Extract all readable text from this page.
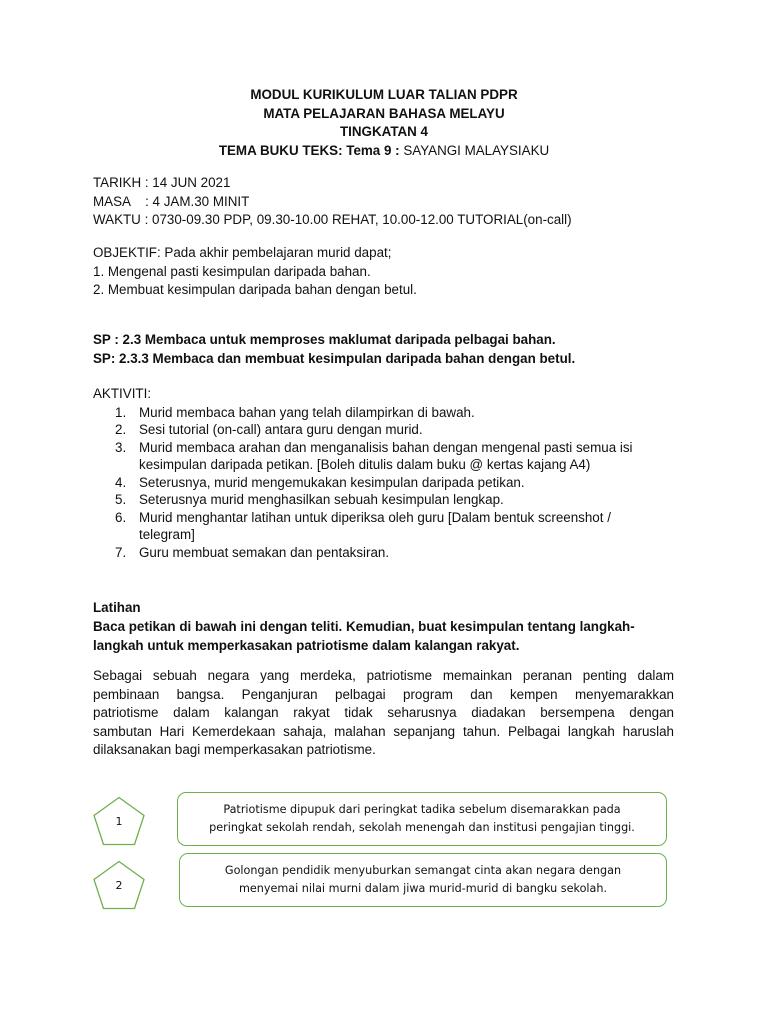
MODUL KURIKULUM LUAR TALIAN PDPR
MATA PELAJARAN BAHASA MELAYU
TINGKATAN 4
TEMA BUKU TEKS: Tema 9 : SAYANGI MALAYSIAKU
TARIKH : 14 JUN 2021
MASA    : 4 JAM.30 MINIT
WAKTU : 0730-09.30 PDP, 09.30-10.00 REHAT, 10.00-12.00 TUTORIAL(on-call)
OBJEKTIF: Pada akhir pembelajaran murid dapat;
1. Mengenal pasti kesimpulan daripada bahan.
2. Membuat kesimpulan daripada bahan dengan betul.
SP : 2.3 Membaca untuk memproses maklumat daripada pelbagai bahan.
SP: 2.3.3 Membaca dan membuat kesimpulan daripada bahan dengan betul.
AKTIVITI:
1. Murid membaca bahan yang telah dilampirkan di bawah.
2. Sesi tutorial (on-call) antara guru dengan murid.
3. Murid membaca arahan dan menganalisis bahan dengan mengenal pasti semua isi
kesimpulan daripada petikan. [Boleh ditulis dalam buku @ kertas kajang A4)
4. Seterusnya, murid mengemukakan kesimpulan daripada petikan.
5. Seterusnya murid menghasilkan sebuah kesimpulan lengkap.
6. Murid menghantar latihan untuk diperiksa oleh guru [Dalam bentuk screenshot /
telegram]
7. Guru membuat semakan dan pentaksiran.
Latihan
Baca petikan di bawah ini dengan teliti. Kemudian, buat kesimpulan tentang langkah-
langkah untuk memperkasakan patriotisme dalam kalangan rakyat.
Sebagai sebuah negara yang merdeka, patriotisme memainkan peranan penting dalam
pembinaan bangsa. Penganjuran pelbagai program dan kempen menyemarakkan
patriotisme dalam kalangan rakyat tidak seharusnya diadakan bersempena dengan
sambutan Hari Kemerdekaan sahaja, malahan sepanjang tahun. Pelbagai langkah haruslah
dilaksanakan bagi memperkasakan patriotisme.
1
Patriotisme dipupuk dari peringkat tadika sebelum disemarakkan pada
peringkat sekolah rendah, sekolah menengah dan institusi pengajian tinggi.
2
Golongan pendidik menyuburkan semangat cinta akan negara dengan
menyemai nilai murni dalam jiwa murid-murid di bangku sekolah.
